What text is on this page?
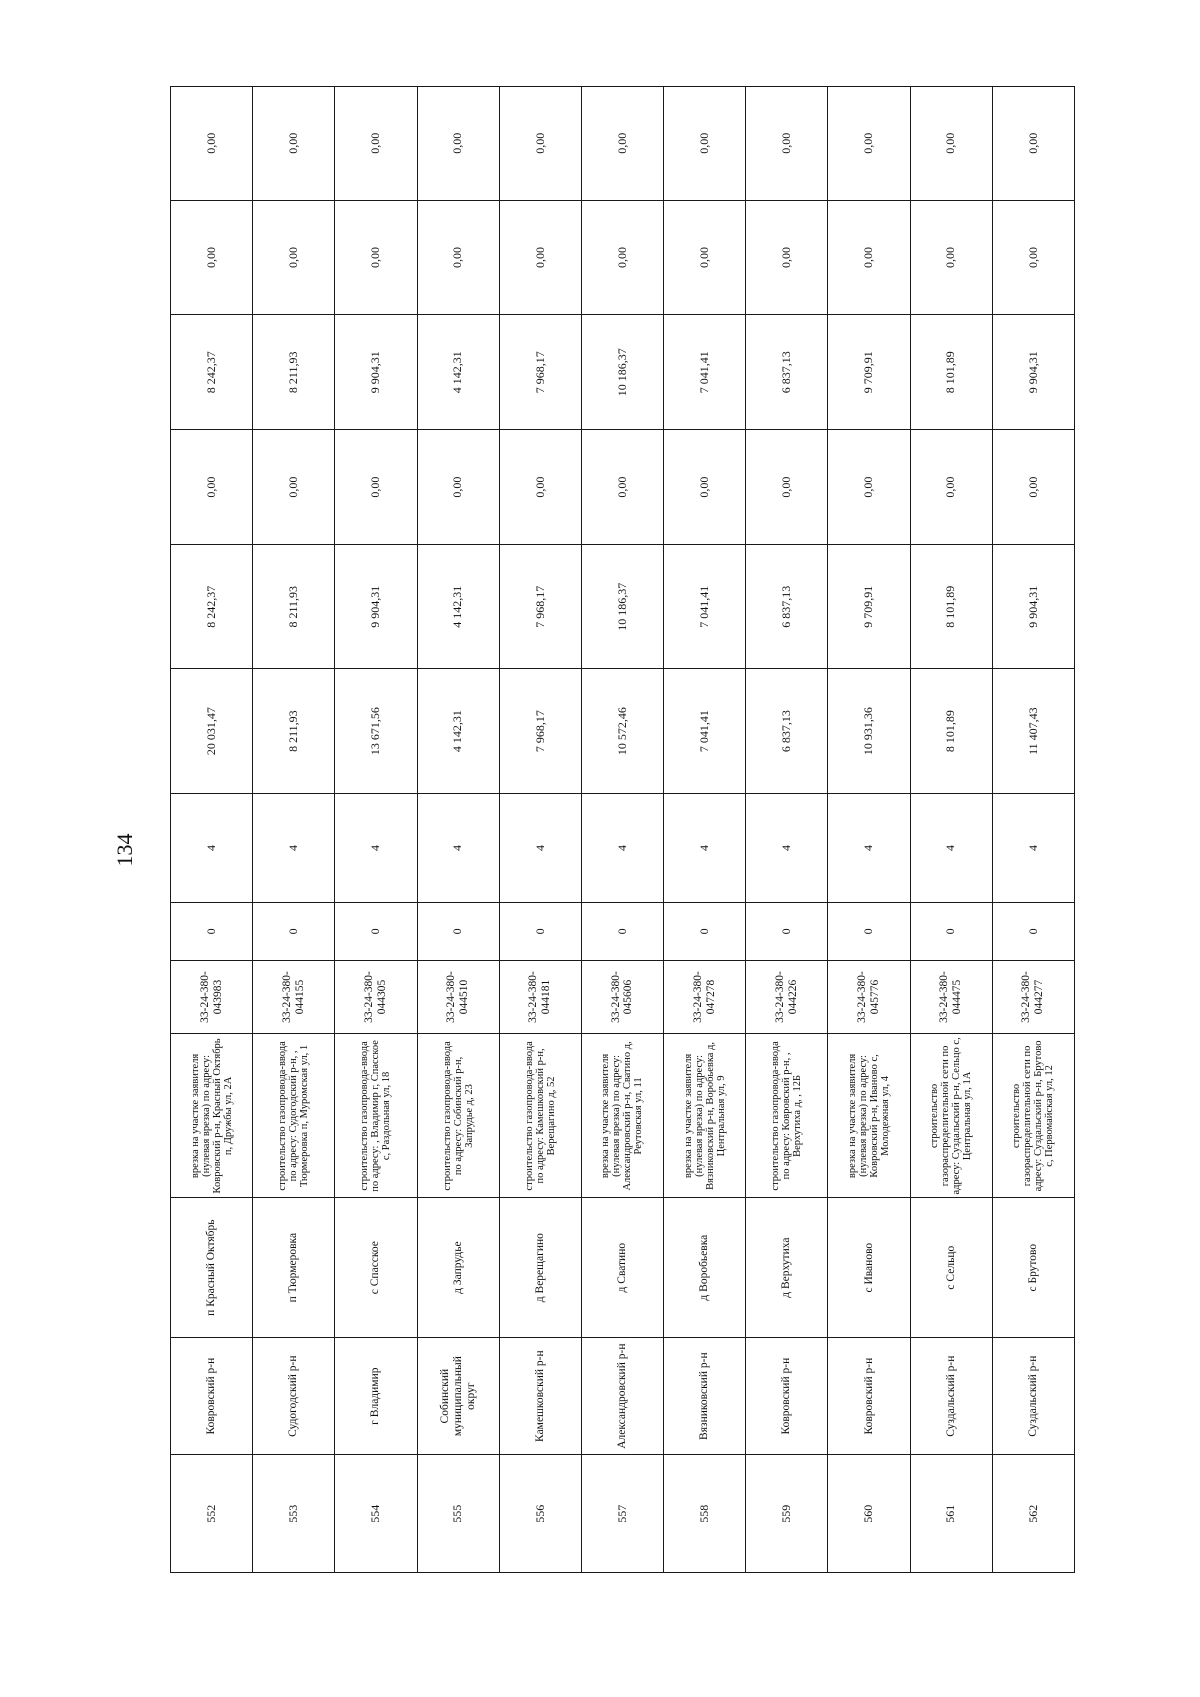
134
552	Ковровский р-н	п Красный Октябрь	врезка на участке заявителя (нулевая врезка) по адресу: Ковровский р-н, Красный Октябрь п, Дружбы ул, 2А	33-24-380-043983	0	4	20 031,47	8 242,37	0,00	8 242,37	0,00	0,00
553	Судогодский р-н	п Тюрмеровка	строительство газопровода-ввода по адресу: Судогодский р-н, , Тюрмеровка п, Муромская ул, 1	33-24-380-044155	0	4	8 211,93	8 211,93	0,00	8 211,93	0,00	0,00
554	г Владимир	с Спасское	строительство газопровода-ввода по адресу: , Владимир г, Спасское с, Раздольная ул, 18	33-24-380-044305	0	4	13 671,56	9 904,31	0,00	9 904,31	0,00	0,00
555	Собинский муниципальный округ	д Запрудье	строительство газопровода-ввода по адресу: Собинский р-н, Запрудье д, 23	33-24-380-044510	0	4	4 142,31	4 142,31	0,00	4 142,31	0,00	0,00
556	Камешковский р-н	д Верещагино	строительство газопровода-ввода по адресу: Камешковский р-н, Верещагино д, 52	33-24-380-044181	0	4	7 968,17	7 968,17	0,00	7 968,17	0,00	0,00
557	Александровский р-н	д Сватино	врезка на участке заявителя (нулевая врезка) по адресу: Александровский р-н, Сватино д, Реутовская ул, 11	33-24-380-045606	0	4	10 572,46	10 186,37	0,00	10 186,37	0,00	0,00
558	Вязниковский р-н	д Воробьевка	врезка на участке заявителя (нулевая врезка) по адресу: Вязниковский р-н, Воробьевка д, Центральная ул, 9	33-24-380-047278	0	4	7 041,41	7 041,41	0,00	7 041,41	0,00	0,00
559	Ковровский р-н	д Верхутиха	строительство газопровода-ввода по адресу: Ковровский р-н, , Верхутиха д, , 12Б	33-24-380-044226	0	4	6 837,13	6 837,13	0,00	6 837,13	0,00	0,00
560	Ковровский р-н	с Иваново	врезка на участке заявителя (нулевая врезка) по адресу: Ковровский р-н, Иваново с, Молодежная ул, 4	33-24-380-045776	0	4	10 931,36	9 709,91	0,00	9 709,91	0,00	0,00
561	Суздальский р-н	с Сельцо	строительство газораспределительной сети по адресу: Суздальский р-н, Сельцо с, Центральная ул, 1А	33-24-380-044475	0	4	8 101,89	8 101,89	0,00	8 101,89	0,00	0,00
562	Суздальский р-н	с Брутово	строительство газораспределительной сети по адресу: Суздальский р-н, Брутово с, Первомайская ул, 12	33-24-380-044277	0	4	11 407,43	9 904,31	0,00	9 904,31	0,00	0,00
